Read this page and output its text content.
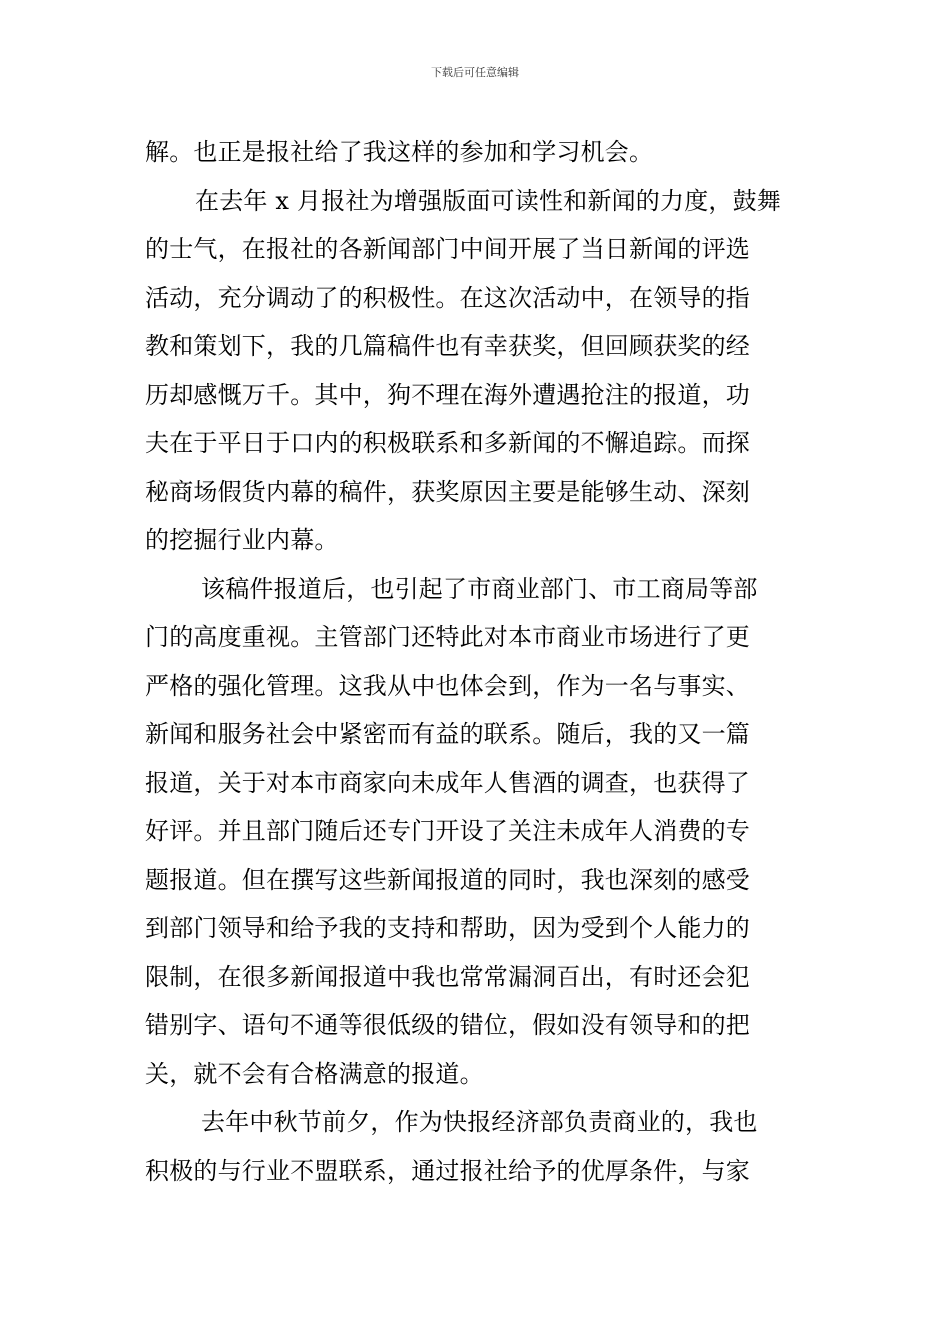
下载后可任意编辑
解。也正是报社给了我这样的参加和学习机会。
在去年 x 月报社为增强版面可读性和新闻的力度，鼓舞
的士气，在报社的各新闻部门中间开展了当日新闻的评选
活动，充分调动了的积极性。在这次活动中，在领导的指
教和策划下，我的几篇稿件也有幸获奖，但回顾获奖的经
历却感慨万千。其中，狗不理在海外遭遇抢注的报道，功
夫在于平日于口内的积极联系和多新闻的不懈追踪。而探
秘商场假货内幕的稿件，获奖原因主要是能够生动、深刻
的挖掘行业内幕。
该稿件报道后，也引起了市商业部门、市工商局等部
门的高度重视。主管部门还特此对本市商业市场进行了更
严格的强化管理。这我从中也体会到，作为一名与事实、
新闻和服务社会中紧密而有益的联系。随后，我的又一篇
报道，关于对本市商家向未成年人售酒的调查，也获得了
好评。并且部门随后还专门开设了关注未成年人消费的专
题报道。但在撰写这些新闻报道的同时，我也深刻的感受
到部门领导和给予我的支持和帮助，因为受到个人能力的
限制，在很多新闻报道中我也常常漏洞百出，有时还会犯
错别字、语句不通等很低级的错位，假如没有领导和的把
关，就不会有合格满意的报道。
去年中秋节前夕，作为快报经济部负责商业的，我也
积极的与行业不盟联系，通过报社给予的优厚条件，与家
